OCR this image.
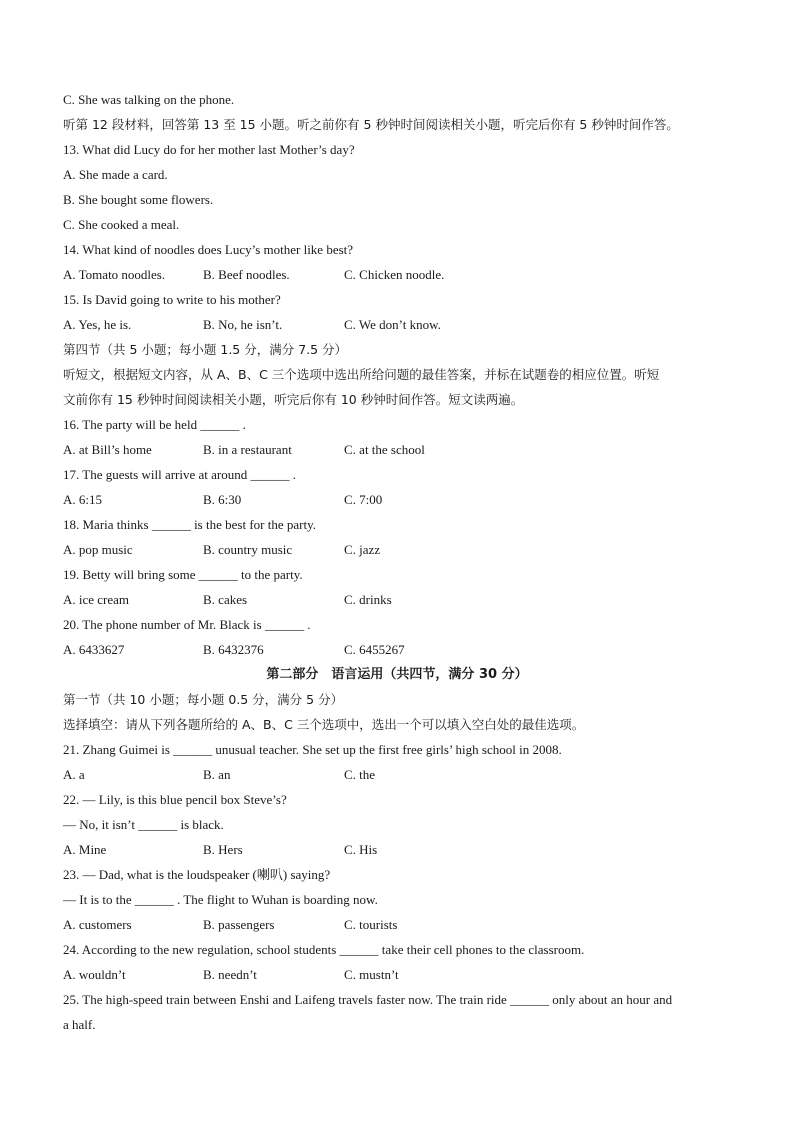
C. She was talking on the phone.
听第 12 段材料，回答第 13 至 15 小题。听之前你有 5 秒钟时间阅读相关小题，听完后你有 5 秒钟时间作答。
13. What did Lucy do for her mother last Mother’s day?
A. She made a card.
B. She bought some flowers.
C. She cooked a meal.
14. What kind of noodles does Lucy’s mother like best?
A. Tomato noodles.	B. Beef noodles.	C. Chicken noodle.
15. Is David going to write to his mother?
A. Yes, he is.	B. No, he isn’t.	C. We don’t know.
第四节（共 5 小题；每小题 1.5 分，满分 7.5 分）
听短文，根据短文内容，从 A、B、C 三个选项中选出所给问题的最佳答案，并标在试题卷的相应位置。听短
文前你有 15 秒钟时间阅读相关小题，听完后你有 10 秒钟时间作答。短文读两遍。
16. The party will be held ______ .
A. at Bill’s home	B. in a restaurant	C. at the school
17. The guests will arrive at around ______ .
A. 6:15	B. 6:30	C. 7:00
18. Maria thinks ______ is the best for the party.
A. pop music	B. country music	C. jazz
19. Betty will bring some ______ to the party.
A. ice cream	B. cakes	C. drinks
20. The phone number of Mr. Black is ______ .
A. 6433627	B. 6432376	C. 6455267
第二部分　语言运用（共四节，满分 30 分）
第一节（共 10 小题；每小题 0.5 分，满分 5 分）
选择填空：请从下列各题所给的 A、B、C 三个选项中，选出一个可以填入空白处的最佳选项。
21. Zhang Guimei is ______ unusual teacher. She set up the first free girls’ high school in 2008.
A. a	B. an	C. the
22. — Lily, is this blue pencil box Steve’s?
— No, it isn’t ______ is black.
A. Mine	B. Hers	C. His
23. — Dad, what is the loudspeaker (喇叭) saying?
— It is to the ______ . The flight to Wuhan is boarding now.
A. customers	B. passengers	C. tourists
24. According to the new regulation, school students ______ take their cell phones to the classroom.
A. wouldn’t	B. needn’t	C. mustn’t
25. The high-speed train between Enshi and Laifeng travels faster now. The train ride ______ only about an hour and
a half.
